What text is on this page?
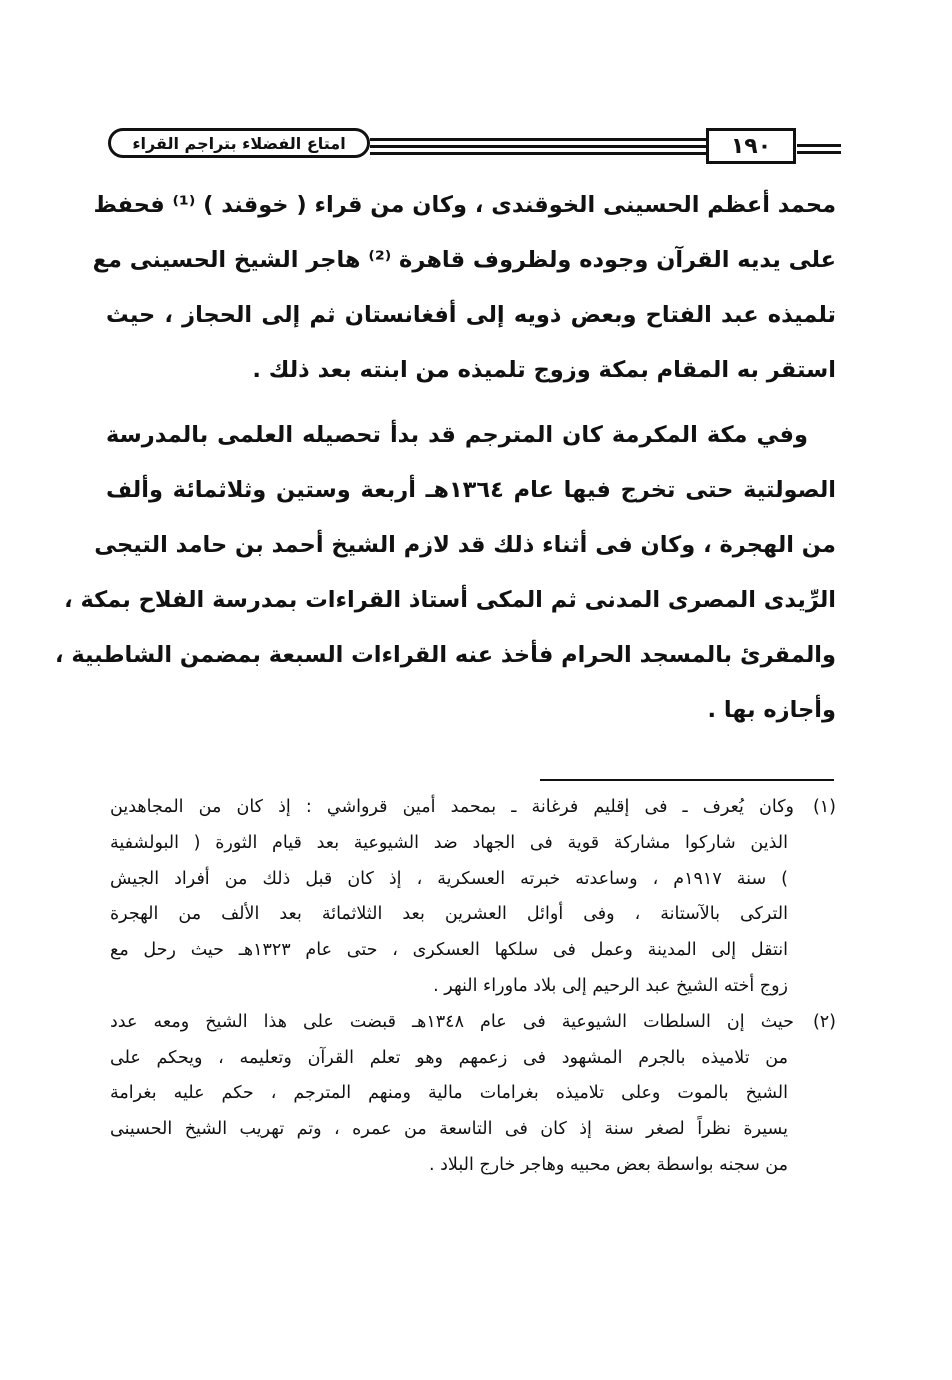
امتاع الفضلاء بتراجم القراء	١٩٠
محمد أعظم الحسينى الخوقندى ، وكان من قراء ( خوقند ) ⁽¹⁾ فحفظ
على يديه القرآن وجوده ولظروف قاهرة ⁽²⁾ هاجر الشيخ الحسينى مع
تلميذه عبد الفتاح وبعض ذويه إلى أفغانستان ثم إلى الحجاز ، حيث
استقر به المقام بمكة وزوج تلميذه من ابنته بعد ذلك .
وفي مكة المكرمة كان المترجم قد بدأ تحصيله العلمى بالمدرسة
الصولتية حتى تخرج فيها عام ١٣٦٤هـ أربعة وستين وثلاثمائة وألف
من الهجرة ، وكان فى أثناء ذلك قد لازم الشيخ أحمد بن حامد التيجى
الرِّيدى المصرى المدنى ثم المكى أستاذ القراءات بمدرسة الفلاح بمكة ،
والمقرئ بالمسجد الحرام فأخذ عنه القراءات السبعة بمضمن الشاطبية ،
وأجازه بها .
(١)وكان يُعرف ـ فى إقليم فرغانة ـ بمحمد أمين قرواشي : إذ كان من المجاهدين
الذين شاركوا مشاركة قوية فى الجهاد ضد الشيوعية بعد قيام الثورة ( البولشفية
) سنة ١٩١٧م ، وساعدته خبرته العسكرية ، إذ كان قبل ذلك من أفراد الجيش
التركى بالآستانة ، وفى أوائل العشرين بعد الثلاثمائة بعد الألف من الهجرة
انتقل إلى المدينة وعمل فى سلكها العسكرى ، حتى عام ١٣٢٣هـ حيث رحل مع
زوج أخته الشيخ عبد الرحيم إلى بلاد ماوراء النهر .
(٢)حيث إن السلطات الشيوعية فى عام ١٣٤٨هـ قبضت على هذا الشيخ ومعه عدد
من تلاميذه بالجرم المشهود فى زعمهم وهو تعلم القرآن وتعليمه ، ويحكم على
الشيخ بالموت وعلى تلاميذه بغرامات مالية ومنهم المترجم ، حكم عليه بغرامة
يسيرة نظراً لصغر سنة إذ كان فى التاسعة من عمره ، وتم تهريب الشيخ الحسينى
من سجنه بواسطة بعض محبيه وهاجر خارج البلاد .
